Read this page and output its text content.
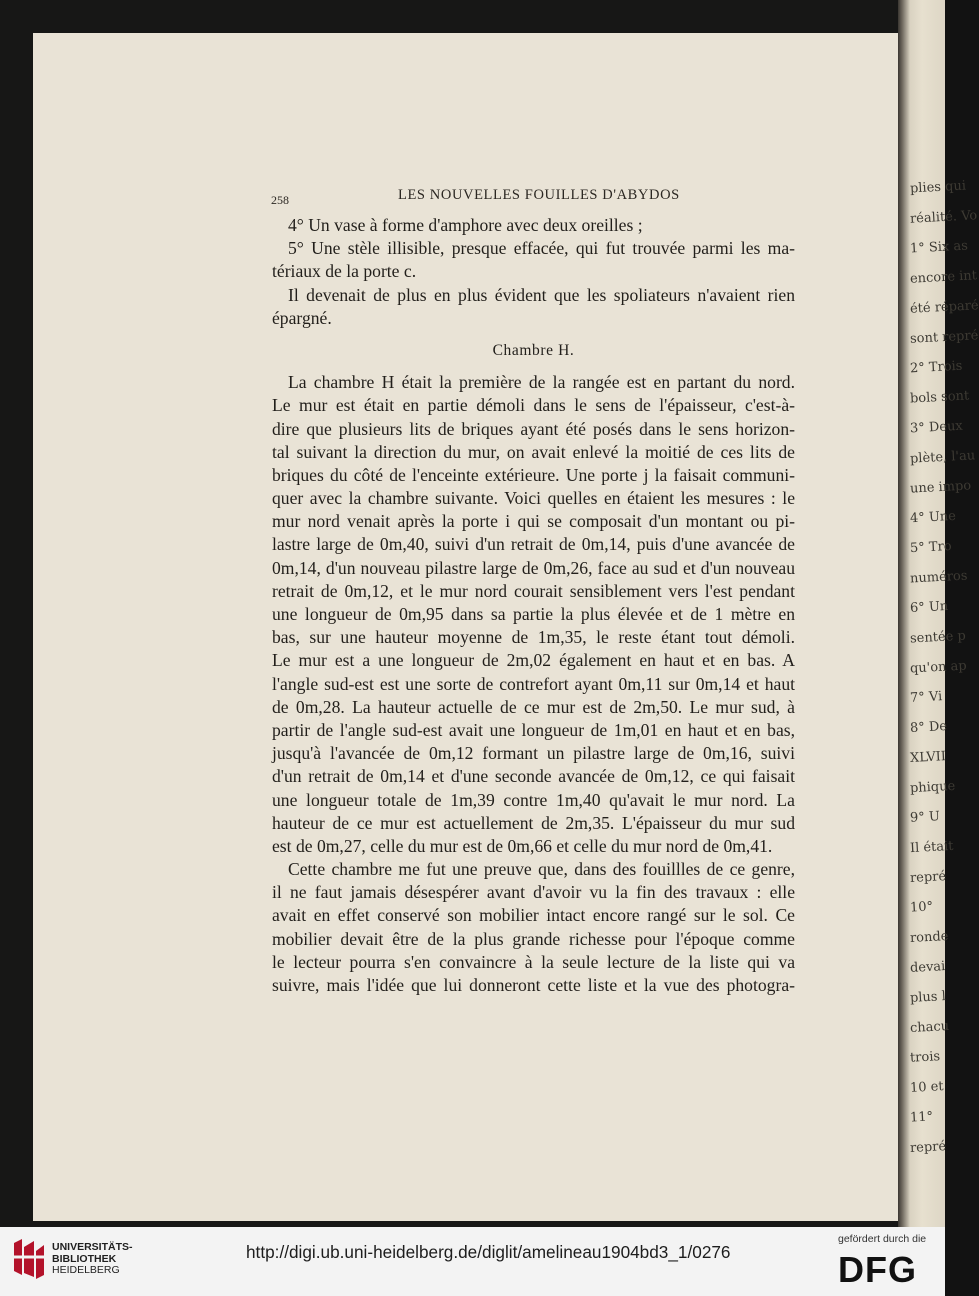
plies qui
réalité. Vo
1° Six as
encore int
été réparé
sont repré
2° Trois
bols sont
3° Deux
plète, l'au
une impo
4° Une
5° Tro
numéros
6° Un
sentée p
qu'on ap
7° Vi
8° De
XLVII
phique
9° U
Il était
repré
10°
ronde
devai
plus l
chacu
trois
10 et
11°
repré
258	LES NOUVELLES FOUILLES D'ABYDOS
4° Un vase à forme d'amphore avec deux oreilles ;
5° Une stèle illisible, presque effacée, qui fut trouvée parmi les ma-
tériaux de la porte c.
Il devenait de plus en plus évident que les spoliateurs n'avaient rien
épargné.
Chambre H.
La chambre H était la première de la rangée est en partant du nord.
Le mur est était en partie démoli dans le sens de l'épaisseur, c'est-à-
dire que plusieurs lits de briques ayant été posés dans le sens horizon-
tal suivant la direction du mur, on avait enlevé la moitié de ces lits de
briques du côté de l'enceinte extérieure. Une porte j la faisait communi-
quer avec la chambre suivante. Voici quelles en étaient les mesures : le
mur nord venait après la porte i qui se composait d'un montant ou pi-
lastre large de 0m,40, suivi d'un retrait de 0m,14, puis d'une avancée de
0m,14, d'un nouveau pilastre large de 0m,26, face au sud et d'un nouveau
retrait de 0m,12, et le mur nord courait sensiblement vers l'est pendant
une longueur de 0m,95 dans sa partie la plus élevée et de 1 mètre en
bas, sur une hauteur moyenne de 1m,35, le reste étant tout démoli.
Le mur est a une longueur de 2m,02 également en haut et en bas. A
l'angle sud-est est une sorte de contrefort ayant 0m,11 sur 0m,14 et haut
de 0m,28. La hauteur actuelle de ce mur est de 2m,50. Le mur sud, à
partir de l'angle sud-est avait une longueur de 1m,01 en haut et en bas,
jusqu'à l'avancée de 0m,12 formant un pilastre large de 0m,16, suivi
d'un retrait de 0m,14 et d'une seconde avancée de 0m,12, ce qui faisait
une longueur totale de 1m,39 contre 1m,40 qu'avait le mur nord. La
hauteur de ce mur est actuellement de 2m,35. L'épaisseur du mur sud
est de 0m,27, celle du mur est de 0m,66 et celle du mur nord de 0m,41.
Cette chambre me fut une preuve que, dans des fouillles de ce genre,
il ne faut jamais désespérer avant d'avoir vu la fin des travaux : elle
avait en effet conservé son mobilier intact encore rangé sur le sol. Ce
mobilier devait être de la plus grande richesse pour l'époque comme
le lecteur pourra s'en convaincre à la seule lecture de la liste qui va
suivre, mais l'idée que lui donneront cette liste et la vue des photogra-
UNIVERSITÄTS-
BIBLIOTHEK
HEIDELBERG
http://digi.ub.uni-heidelberg.de/diglit/amelineau1904bd3_1/0276
gefördert durch die
DFG
